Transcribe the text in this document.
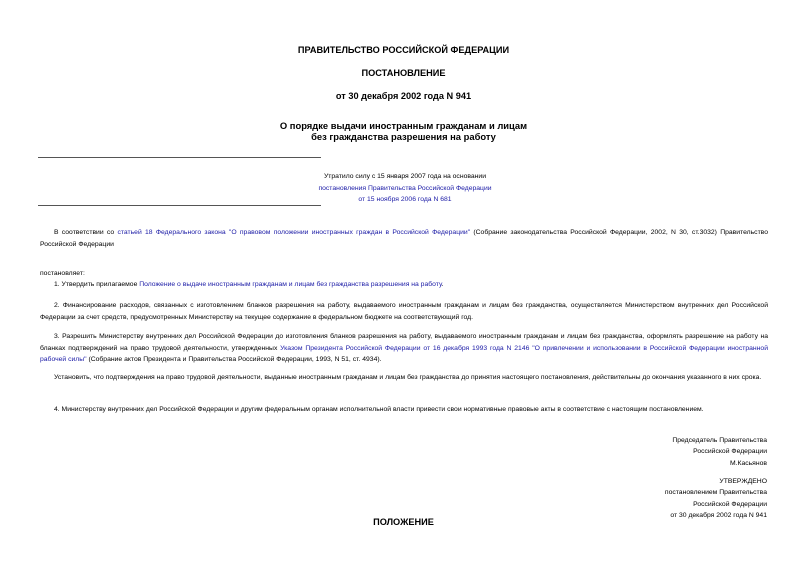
ПРАВИТЕЛЬСТВО РОССИЙСКОЙ ФЕДЕРАЦИИ
ПОСТАНОВЛЕНИЕ
от 30 декабря 2002 года N 941
О порядке выдачи иностранным гражданам и лицам
без гражданства разрешения на работу
Утратило силу с 15 января 2007 года на основании
постановления Правительства Российской Федерации
от 15 ноября 2006 года N 681
В соответствии со статьей 18 Федерального закона "О правовом положении иностранных граждан в Российской Федерации" (Собрание законодательства Российской Федерации, 2002, N 30, ст.3032) Правительство Российской Федерации
постановляет:
1. Утвердить прилагаемое Положение о выдаче иностранным гражданам и лицам без гражданства разрешения на работу.
2. Финансирование расходов, связанных с изготовлением бланков разрешения на работу, выдаваемого иностранным гражданам и лицам без гражданства, осуществляется Министерством внутренних дел Российской Федерации за счет средств, предусмотренных Министерству на текущее содержание в федеральном бюджете на соответствующий год.
3. Разрешить Министерству внутренних дел Российской Федерации до изготовления бланков разрешения на работу, выдаваемого иностранным гражданам и лицам без гражданства, оформлять разрешение на работу на бланках подтверждений на право трудовой деятельности, утвержденных Указом Президента Российской Федерации от 16 декабря 1993 года N 2146 "О привлечении и использовании в Российской Федерации иностранной рабочей силы" (Собрание актов Президента и Правительства Российской Федерации, 1993, N 51, ст. 4934).
Установить, что подтверждения на право трудовой деятельности, выданные иностранным гражданам и лицам без гражданства до принятия настоящего постановления, действительны до окончания указанного в них срока.
4. Министерству внутренних дел Российской Федерации и другим федеральным органам исполнительной власти привести свои нормативные правовые акты в соответствие с настоящим постановлением.
Председатель Правительства
Российской Федерации
М.Касьянов
УТВЕРЖДЕНО
постановлением Правительства
Российской Федерации
от 30 декабря 2002 года N 941
ПОЛОЖЕНИЕ
